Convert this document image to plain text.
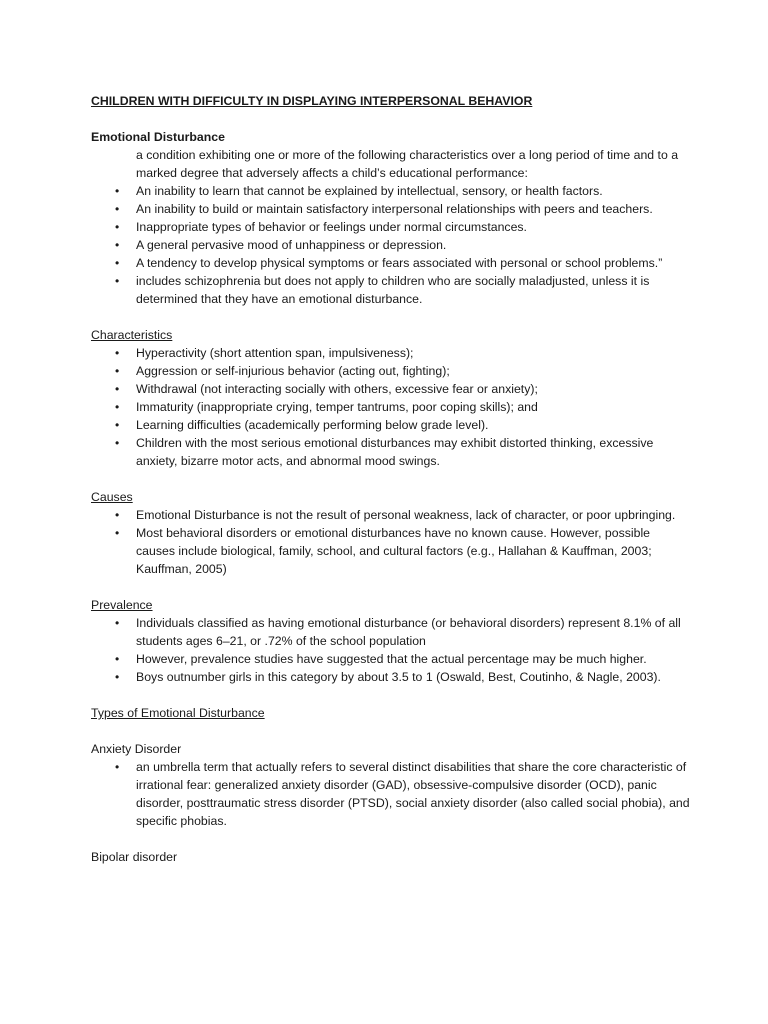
CHILDREN WITH DIFFICULTY IN DISPLAYING INTERPERSONAL BEHAVIOR
Emotional Disturbance
a condition exhibiting one or more of the following characteristics over a long period of time and to a marked degree that adversely affects a child’s educational performance:
• An inability to learn that cannot be explained by intellectual, sensory, or health factors.
• An inability to build or maintain satisfactory interpersonal relationships with peers and teachers.
• Inappropriate types of behavior or feelings under normal circumstances.
• A general pervasive mood of unhappiness or depression.
• A tendency to develop physical symptoms or fears associated with personal or school problems.”
• includes schizophrenia but does not apply to children who are socially maladjusted, unless it is determined that they have an emotional disturbance.
Characteristics
• Hyperactivity (short attention span, impulsiveness);
• Aggression or self-injurious behavior (acting out, fighting);
• Withdrawal (not interacting socially with others, excessive fear or anxiety);
• Immaturity (inappropriate crying, temper tantrums, poor coping skills); and
• Learning difficulties (academically performing below grade level).
• Children with the most serious emotional disturbances may exhibit distorted thinking, excessive anxiety, bizarre motor acts, and abnormal mood swings.
Causes
• Emotional Disturbance is not the result of personal weakness, lack of character, or poor upbringing.
• Most behavioral disorders or emotional disturbances have no known cause. However, possible causes include biological, family, school, and cultural factors (e.g., Hallahan & Kauffman, 2003; Kauffman, 2005)
Prevalence
• Individuals classified as having emotional disturbance (or behavioral disorders) represent 8.1% of all students ages 6–21, or .72% of the school population
• However, prevalence studies have suggested that the actual percentage may be much higher.
• Boys outnumber girls in this category by about 3.5 to 1 (Oswald, Best, Coutinho, & Nagle, 2003).
Types of Emotional Disturbance
Anxiety Disorder
• an umbrella term that actually refers to several distinct disabilities that share the core characteristic of irrational fear: generalized anxiety disorder (GAD), obsessive-compulsive disorder (OCD), panic disorder, posttraumatic stress disorder (PTSD), social anxiety disorder (also called social phobia), and specific phobias.
Bipolar disorder
